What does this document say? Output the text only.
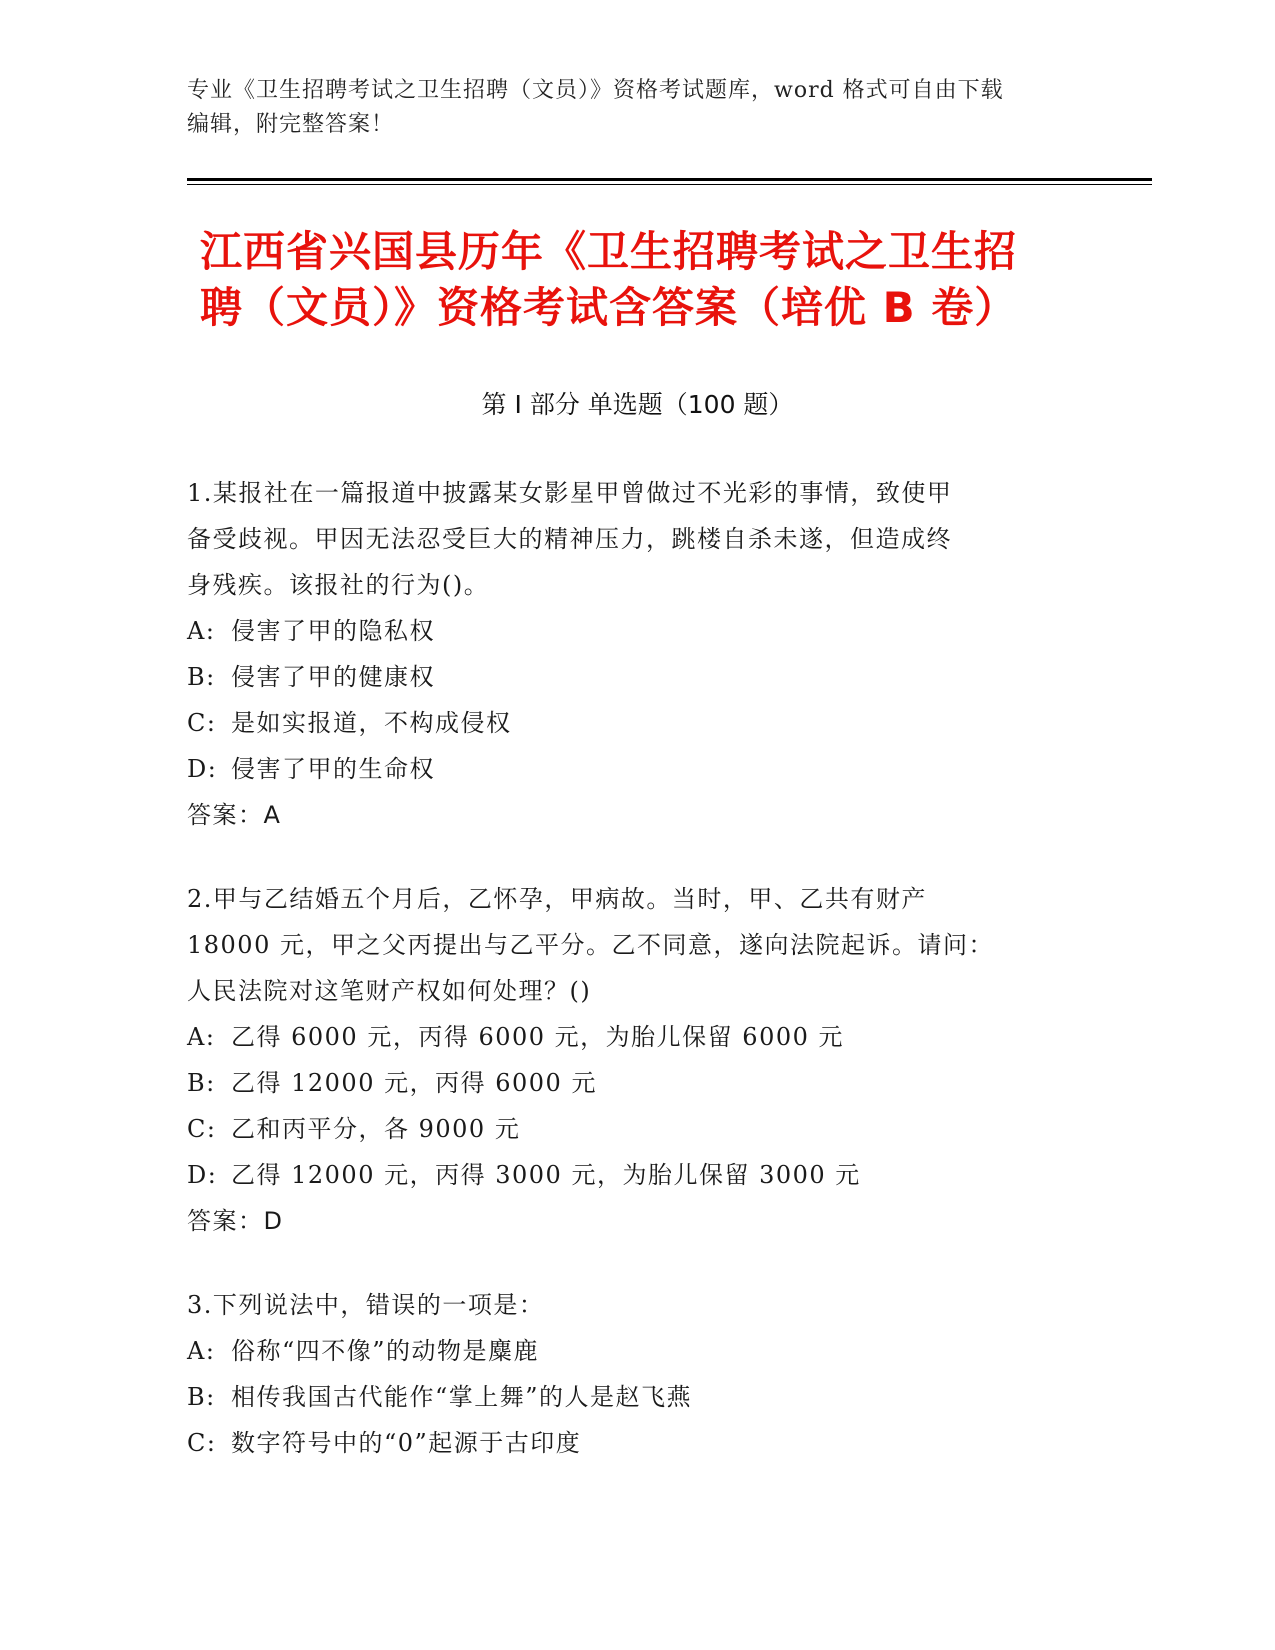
专业《卫生招聘考试之卫生招聘（文员）》资格考试题库，word 格式可自由下载
编辑，附完整答案！
江西省兴国县历年《卫生招聘考试之卫生招
聘（文员）》资格考试含答案（培优 B 卷）
第 I 部分 单选题（100 题）

1.某报社在一篇报道中披露某女影星甲曾做过不光彩的事情，致使甲

备受歧视。甲因无法忍受巨大的精神压力，跳楼自杀未遂，但造成终

身残疾。该报社的行为()。

A: 侵害了甲的隐私权

B: 侵害了甲的健康权

C: 是如实报道，不构成侵权

D: 侵害了甲的生命权

答案：A

2.甲与乙结婚五个月后，乙怀孕，甲病故。当时，甲、乙共有财产

18000 元，甲之父丙提出与乙平分。乙不同意，遂向法院起诉。请问：

人民法院对这笔财产权如何处理？()

A: 乙得 6000 元，丙得 6000 元，为胎儿保留 6000 元

B: 乙得 12000 元，丙得 6000 元

C: 乙和丙平分，各 9000 元

D: 乙得 12000 元，丙得 3000 元，为胎儿保留 3000 元

答案：D

3.下列说法中，错误的一项是：

A: 俗称“四不像”的动物是麋鹿

B: 相传我国古代能作“掌上舞”的人是赵飞燕

C: 数字符号中的“0”起源于古印度
